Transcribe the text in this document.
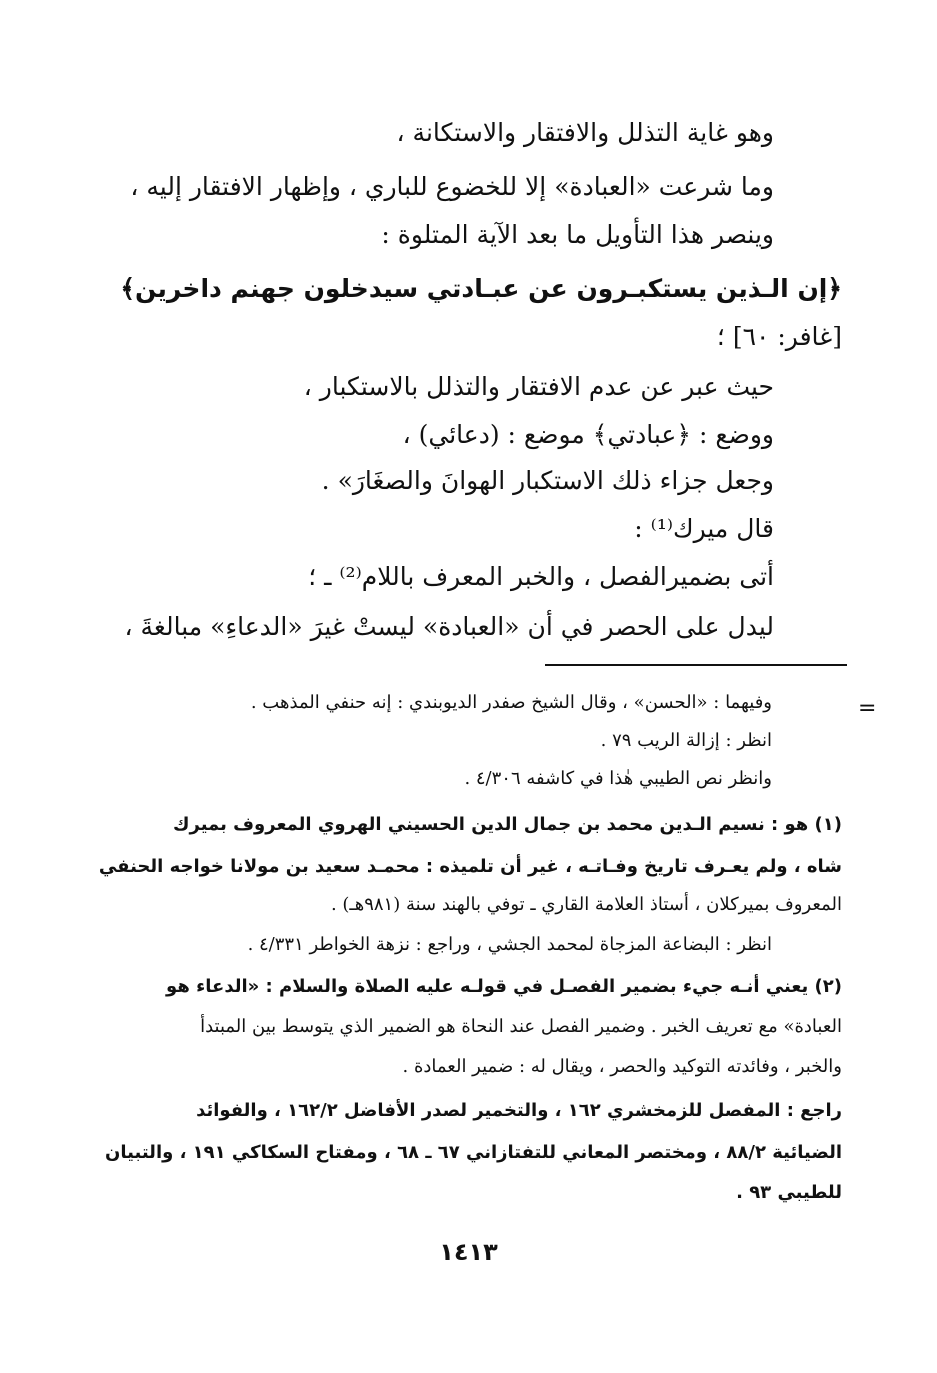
وهو غاية التذلل والافتقار والاستكانة ،
وما شرعت «العبادة» إلا للخضوع للباري ، وإظهار الافتقار إليه ،
وينصر هذا التأويل ما بعد الآية المتلوة :
﴿إن الـذين يستكبـرون عن عبـادتي سيدخلون جهنم داخرين﴾
[غافر: ٦٠] ؛
حيث عبر عن عدم الافتقار والتذلل بالاستكبار ،
ووضع : ﴿عبادتي﴾ موضع : (دعائي) ،
وجعل جزاء ذلك الاستكبار الهوانَ والصغَارَ» .
قال ميرك⁽¹⁾ :
أتى بضميرالفصل ، والخبر المعرف باللام⁽²⁾ ـ ؛
ليدل على الحصر في أن «العبادة» ليستْ غيرَ «الدعاءِ» مبالغةَ ،
=
وفيهما : «الحسن» ، وقال الشيخ صفدر الديوبندي : إنه حنفي المذهب .
انظر : إزالة الريب ٧٩ .
وانظر نص الطيبي هٰذا في كاشفه ٤/٣٠٦ .
(١) هو : نسيم الـدين محمد بن جمال الدين الحسيني الهروي المعروف بميرك
شاه ، ولم يعـرف تاريخ وفـاتـه ، غير أن تلميذه : محمـد سعيد بن مولانا خواجه الحنفي
المعروف بميركلان ، أستاذ العلامة القاري ـ توفي بالهند سنة (٩٨١هـ) .
انظر : البضاعة المزجاة لمحمد الجشي ، وراجع : نزهة الخواطر ٤/٣٣١ .
(٢) يعني أنـه جيء بضمير الفصـل في قولـه عليه الصلاة والسلام : «الدعاء هو
العبادة» مع تعريف الخبر . وضمير الفصل عند النحاة هو الضمير الذي يتوسط بين المبتدأ
والخبر ، وفائدته التوكيد والحصر ، ويقال له : ضمير العمادة .
راجع : المفصل للزمخشري ١٦٢ ، والتخمير لصدر الأفاضل ١٦٢/٢ ، والفوائد
الضيائية ٨٨/٢ ، ومختصر المعاني للتفتازاني ٦٧ ـ ٦٨ ، ومفتاح السكاكي ١٩١ ، والتبيان
للطيبي ٩٣ .
١٤١٣
